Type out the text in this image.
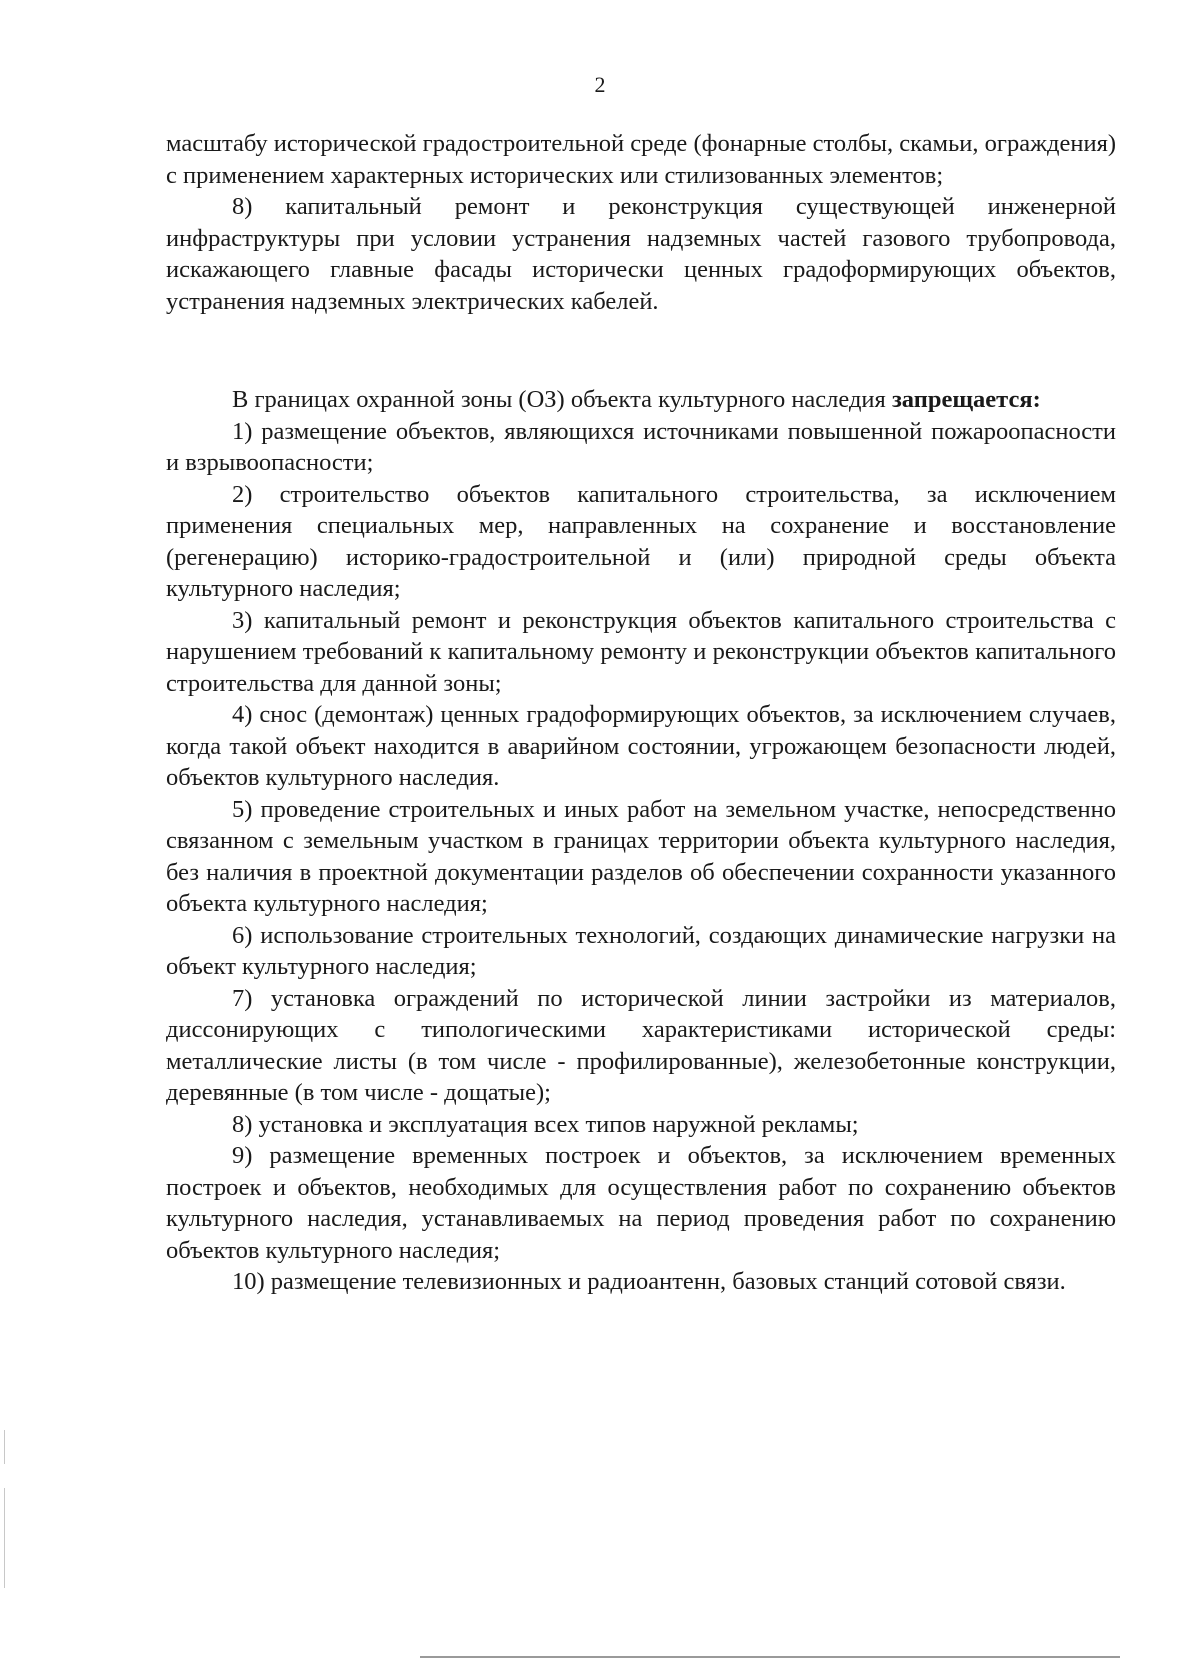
2

масштабу исторической градостроительной среде (фонарные столбы, скамьи, ограждения) с применением характерных исторических или стилизованных элементов;

8) капитальный ремонт и реконструкция существующей инженерной инфраструктуры при условии устранения надземных частей газового трубопровода, искажающего главные фасады исторически ценных градоформирующих объектов, устранения надземных электрических кабелей.

В границах охранной зоны (ОЗ) объекта культурного наследия запрещается:

1) размещение объектов, являющихся источниками повышенной пожароопасности и взрывоопасности;

2) строительство объектов капитального строительства, за исключением применения специальных мер, направленных на сохранение и восстановление (регенерацию) историко-градостроительной и (или) природной среды объекта культурного наследия;

3) капитальный ремонт и реконструкция объектов капитального строительства с нарушением требований к капитальному ремонту и реконструкции объектов капитального строительства для данной зоны;

4) снос (демонтаж) ценных градоформирующих объектов, за исключением случаев, когда такой объект находится в аварийном состоянии, угрожающем безопасности людей, объектов культурного наследия.

5) проведение строительных и иных работ на земельном участке, непосредственно связанном с земельным участком в границах территории объекта культурного наследия, без наличия в проектной документации разделов об обеспечении сохранности указанного объекта культурного наследия;

6) использование строительных технологий, создающих динамические нагрузки на объект культурного наследия;

7) установка ограждений по исторической линии застройки из материалов, диссонирующих с типологическими характеристиками исторической среды: металлические листы (в том числе - профилированные), железобетонные конструкции, деревянные (в том числе - дощатые);

8) установка и эксплуатация всех типов наружной рекламы;

9) размещение временных построек и объектов, за исключением временных построек и объектов, необходимых для осуществления работ по сохранению объектов культурного наследия, устанавливаемых на период проведения работ по сохранению объектов культурного наследия;

10) размещение телевизионных и радиоантенн, базовых станций сотовой связи.
